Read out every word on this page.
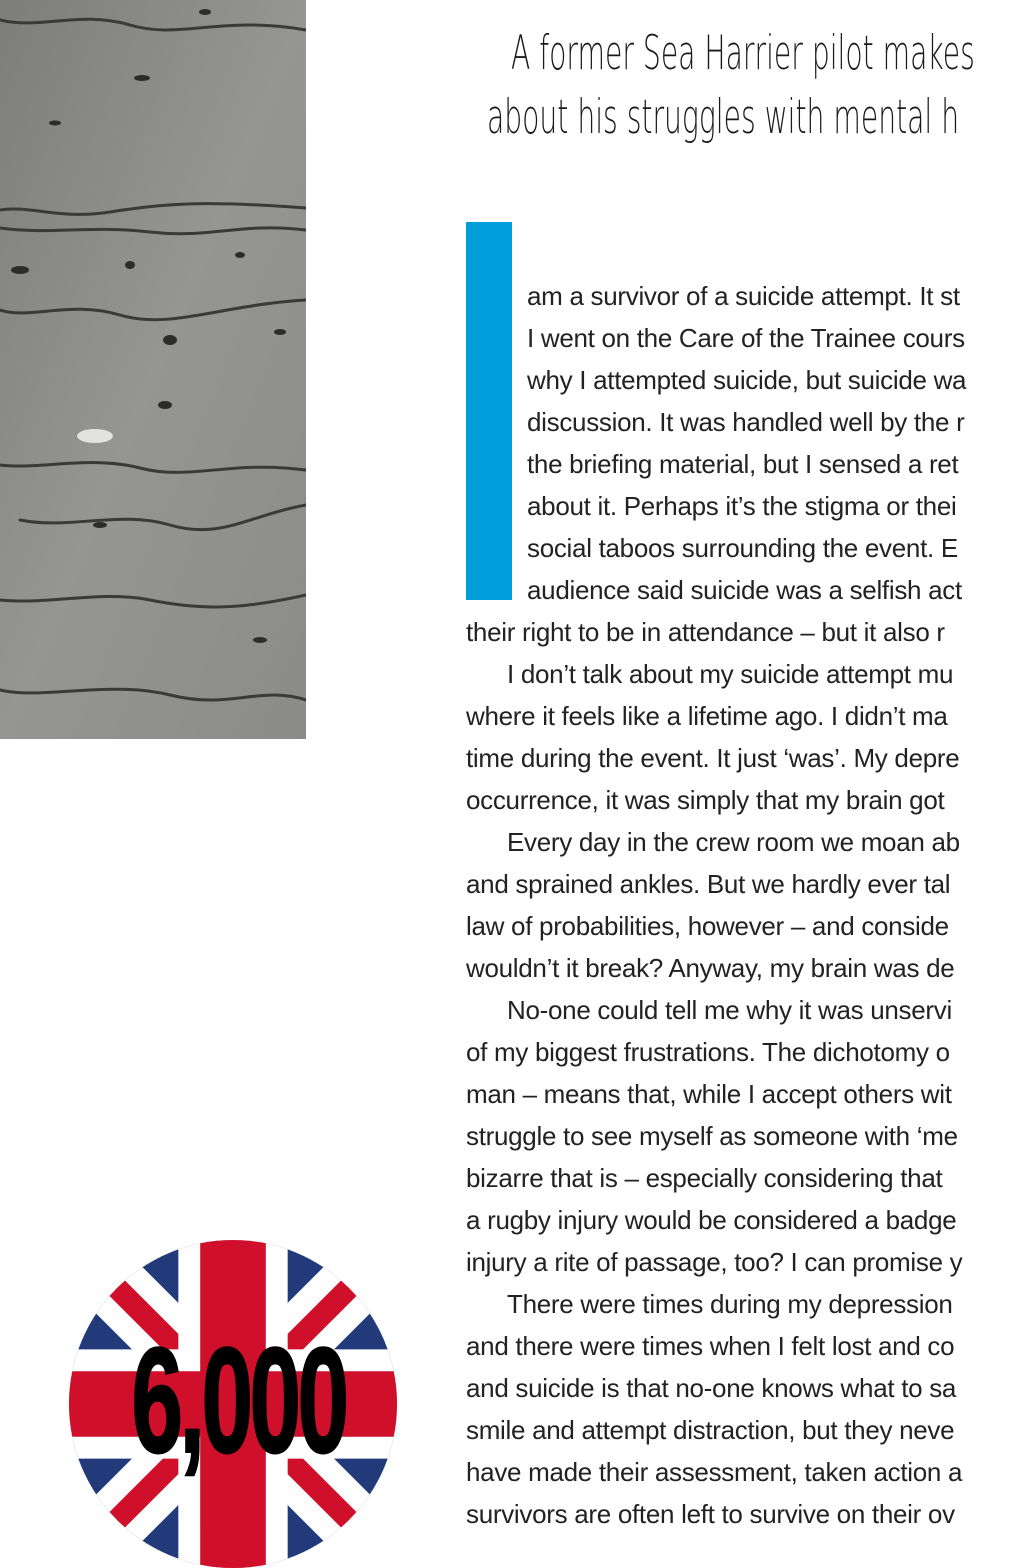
A former Sea Harrier pilot makes
about his struggles with mental h
am a survivor of a suicide attempt. It st
I went on the Care of the Trainee cours
why I attempted suicide, but suicide wa
discussion. It was handled well by the r
the briefing material, but I sensed a ret
about it. Perhaps it’s the stigma or thei
social taboos surrounding the event. E
audience said suicide was a selfish act
their right to be in attendance – but it also r
I don’t talk about my suicide attempt mu
where it feels like a lifetime ago. I didn’t ma
time during the event. It just ‘was’. My depre
occurrence, it was simply that my brain got
Every day in the crew room we moan ab
and sprained ankles. But we hardly ever tal
law of probabilities, however – and conside
wouldn’t it break? Anyway, my brain was de
No-one could tell me why it was unservi
of my biggest frustrations. The dichotomy o
man – means that, while I accept others wit
struggle to see myself as someone with ‘me
bizarre that is – especially considering that
a rugby injury would be considered a badge
injury a rite of passage, too? I can promise y
There were times during my depression
and there were times when I felt lost and co
and suicide is that no-one knows what to sa
smile and attempt distraction, but they neve
have made their assessment, taken action a
survivors are often left to survive on their ov
6,000
